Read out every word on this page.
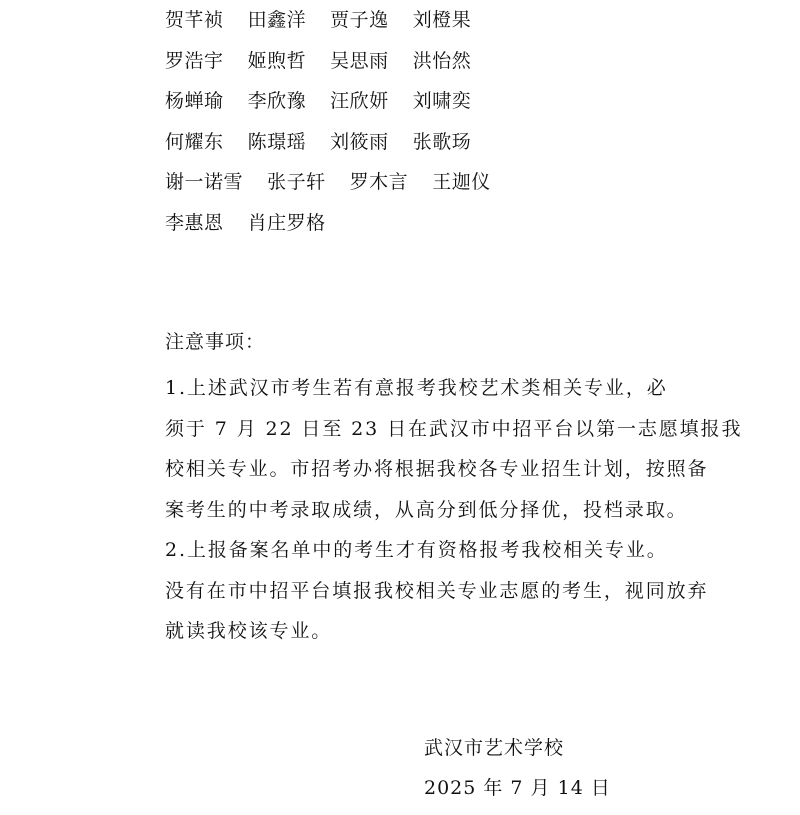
贺芊祯 田鑫洋 贾子逸 刘橙果
罗浩宇 姬煦哲 吴思雨 洪怡然
杨蝉瑜 李欣豫 汪欣妍 刘啸奕
何耀东 陈璟瑶 刘筱雨 张歌玚
谢一诺雪 张子轩 罗木言 王迦仪
李惠恩 肖庄罗格
注意事项：
1.上述武汉市考生若有意报考我校艺术类相关专业，必
须于 7 月 22 日至 23 日在武汉市中招平台以第一志愿填报我
校相关专业。市招考办将根据我校各专业招生计划，按照备
案考生的中考录取成绩，从高分到低分择优，投档录取。
2.上报备案名单中的考生才有资格报考我校相关专业。
没有在市中招平台填报我校相关专业志愿的考生，视同放弃
就读我校该专业。
武汉市艺术学校
2025 年 7 月 14 日
